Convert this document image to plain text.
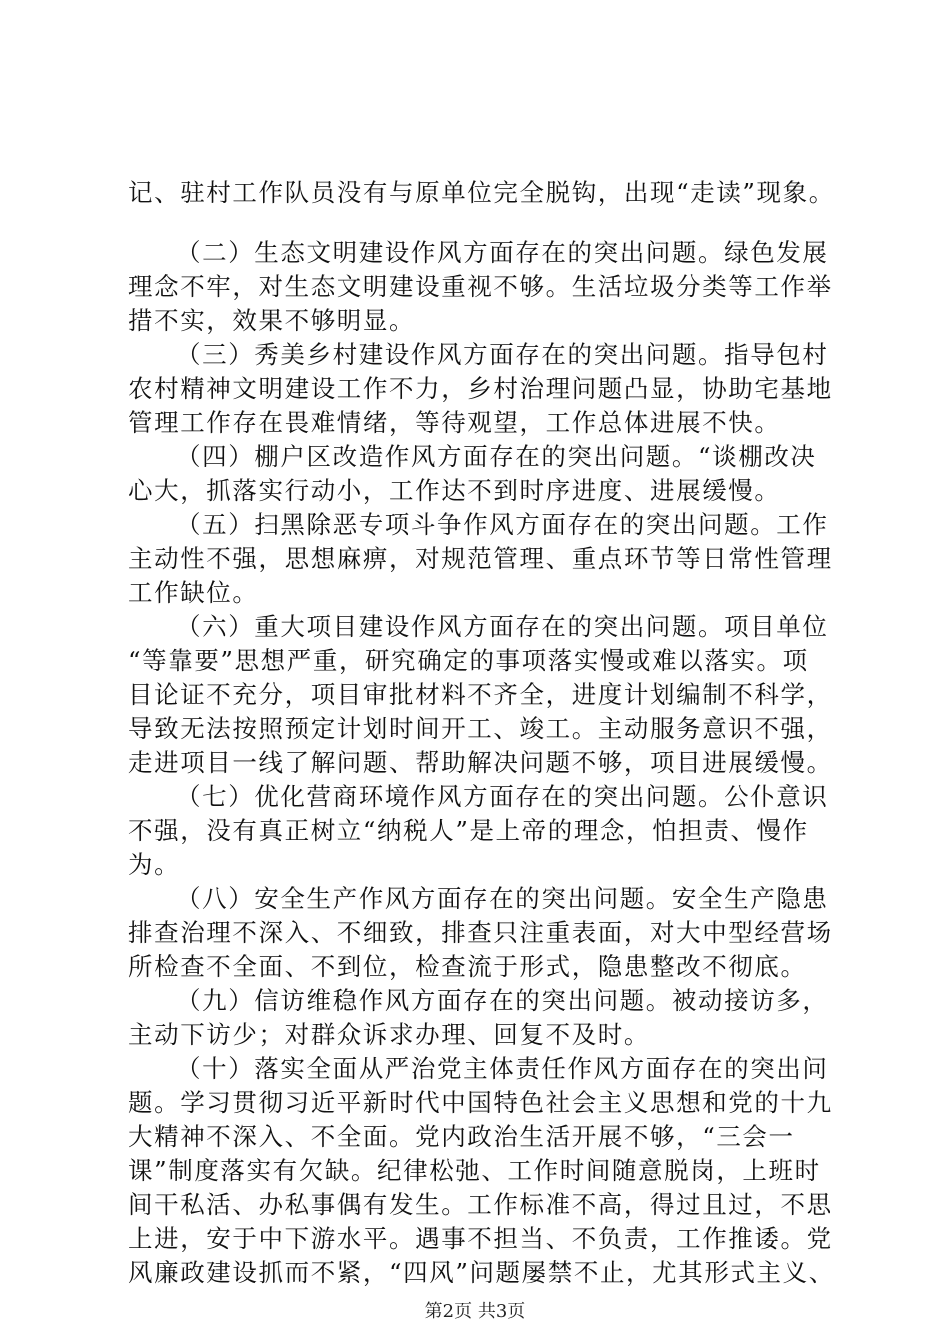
记、驻村工作队员没有与原单位完全脱钩，出现“走读”现象。
（二）生态文明建设作风方面存在的突出问题。绿色发展
理念不牢，对生态文明建设重视不够。生活垃圾分类等工作举
措不实，效果不够明显。
（三）秀美乡村建设作风方面存在的突出问题。指导包村
农村精神文明建设工作不力，乡村治理问题凸显，协助宅基地
管理工作存在畏难情绪，等待观望，工作总体进展不快。
（四）棚户区改造作风方面存在的突出问题。“谈棚改决
心大，抓落实行动小，工作达不到时序进度、进展缓慢。
（五）扫黑除恶专项斗争作风方面存在的突出问题。工作
主动性不强，思想麻痹，对规范管理、重点环节等日常性管理
工作缺位。
（六）重大项目建设作风方面存在的突出问题。项目单位
“等靠要”思想严重，研究确定的事项落实慢或难以落实。项
目论证不充分，项目审批材料不齐全，进度计划编制不科学，
导致无法按照预定计划时间开工、竣工。主动服务意识不强，
走进项目一线了解问题、帮助解决问题不够，项目进展缓慢。
（七）优化营商环境作风方面存在的突出问题。公仆意识
不强，没有真正树立“纳税人”是上帝的理念，怕担责、慢作
为。
（八）安全生产作风方面存在的突出问题。安全生产隐患
排查治理不深入、不细致，排查只注重表面，对大中型经营场
所检查不全面、不到位，检查流于形式，隐患整改不彻底。
（九）信访维稳作风方面存在的突出问题。被动接访多，
主动下访少；对群众诉求办理、回复不及时。
（十）落实全面从严治党主体责任作风方面存在的突出问
题。学习贯彻习近平新时代中国特色社会主义思想和党的十九
大精神不深入、不全面。党内政治生活开展不够，“三会一
课”制度落实有欠缺。纪律松弛、工作时间随意脱岗，上班时
间干私活、办私事偶有发生。工作标准不高，得过且过，不思
上进，安于中下游水平。遇事不担当、不负责，工作推诿。党
风廉政建设抓而不紧，“四风”问题屡禁不止，尤其形式主义、
第2页 共3页
